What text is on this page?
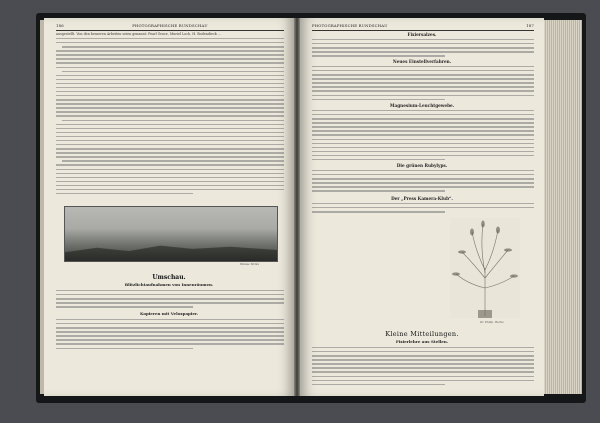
186	PHOTOGRAPHISCHE RUNDSCHAU
ausgestellt. Von den besseren Arbeiten seien genannt: Pearl Grace, Muriel Loch, H. Bodendieck ...
Weisse Wolke
Umschau.
Blitzlichtaufnahmen von Innenräumen.
Kopieren mit Veloxpapier.
PHOTOGRAPHISCHE RUNDSCHAU	187
Fixiersalzes.
Neues Einstellverfahren.
Magnesium-Leuchtgewebe.
Die grünen Rubylyps.
Der „Press Kamera-Klub“.
Dr. Philip. Bache
Kleine Mitteilungen.
Fixierlehre aus Stellen.
